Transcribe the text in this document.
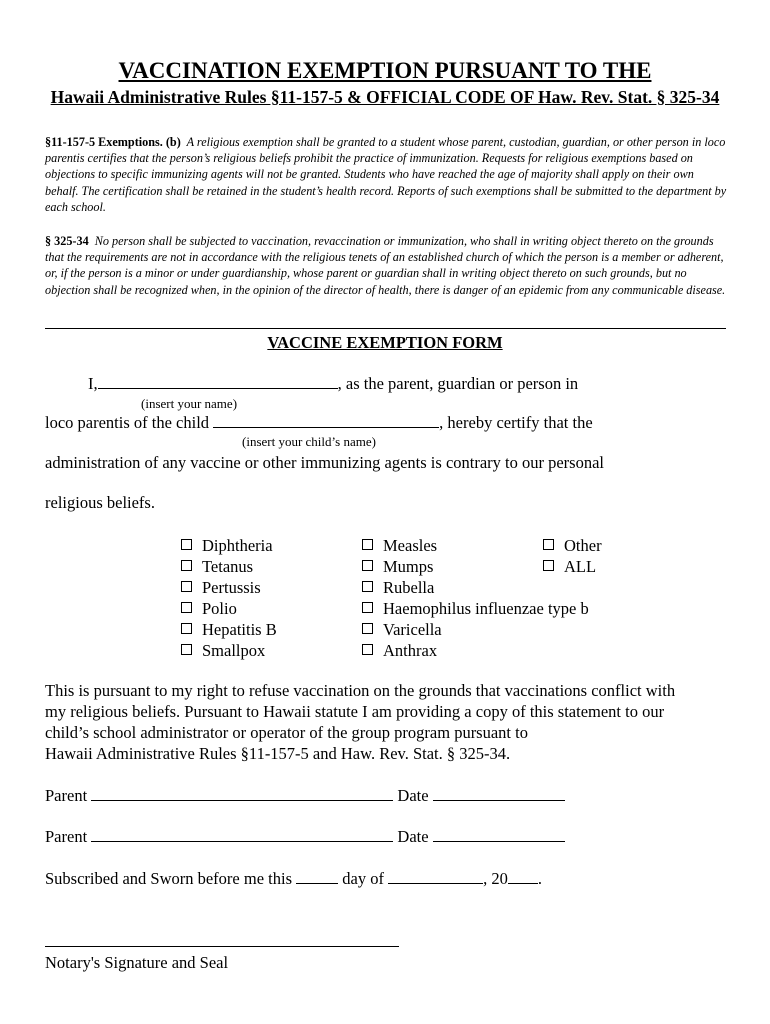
VACCINATION EXEMPTION PURSUANT TO THE
Hawaii Administrative Rules §11-157-5 & OFFICIAL CODE OF Haw. Rev. Stat. § 325-34
§11-157-5 Exemptions. (b) A religious exemption shall be granted to a student whose parent, custodian, guardian, or other person in loco parentis certifies that the person’s religious beliefs prohibit the practice of immunization. Requests for religious exemptions based on objections to specific immunizing agents will not be granted. Students who have reached the age of majority shall apply on their own behalf. The certification shall be retained in the student’s health record. Reports of such exemptions shall be submitted to the department by each school.
§ 325-34 No person shall be subjected to vaccination, revaccination or immunization, who shall in writing object thereto on the grounds that the requirements are not in accordance with the religious tenets of an established church of which the person is a member or adherent, or, if the person is a minor or under guardianship, whose parent or guardian shall in writing object thereto on such grounds, but no objection shall be recognized when, in the opinion of the director of health, there is danger of an epidemic from any communicable disease.
VACCINE EXEMPTION FORM
I,	, as the parent, guardian or person in
(insert your name)
loco parentis of the child	, hereby certify that the
(insert your child’s name)
administration of any vaccine or other immunizing agents is contrary to our personal
religious beliefs.
Diphtheria
Tetanus
Pertussis
Polio
Hepatitis B
Smallpox
Measles
Mumps
Rubella
Haemophilus influenzae type b
Varicella
Anthrax
Other
ALL
This is pursuant to my right to refuse vaccination on the grounds that vaccinations conflict with
my religious beliefs. Pursuant to Hawaii statute I am providing a copy of this statement to our
child’s school administrator or operator of the group program pursuant to
Hawaii Administrative Rules §11-157-5 and Haw. Rev. Stat. § 325-34.
Parent	Date
Parent	Date
Subscribed and Sworn before me this	day of	, 20 .
Notary's Signature and Seal
